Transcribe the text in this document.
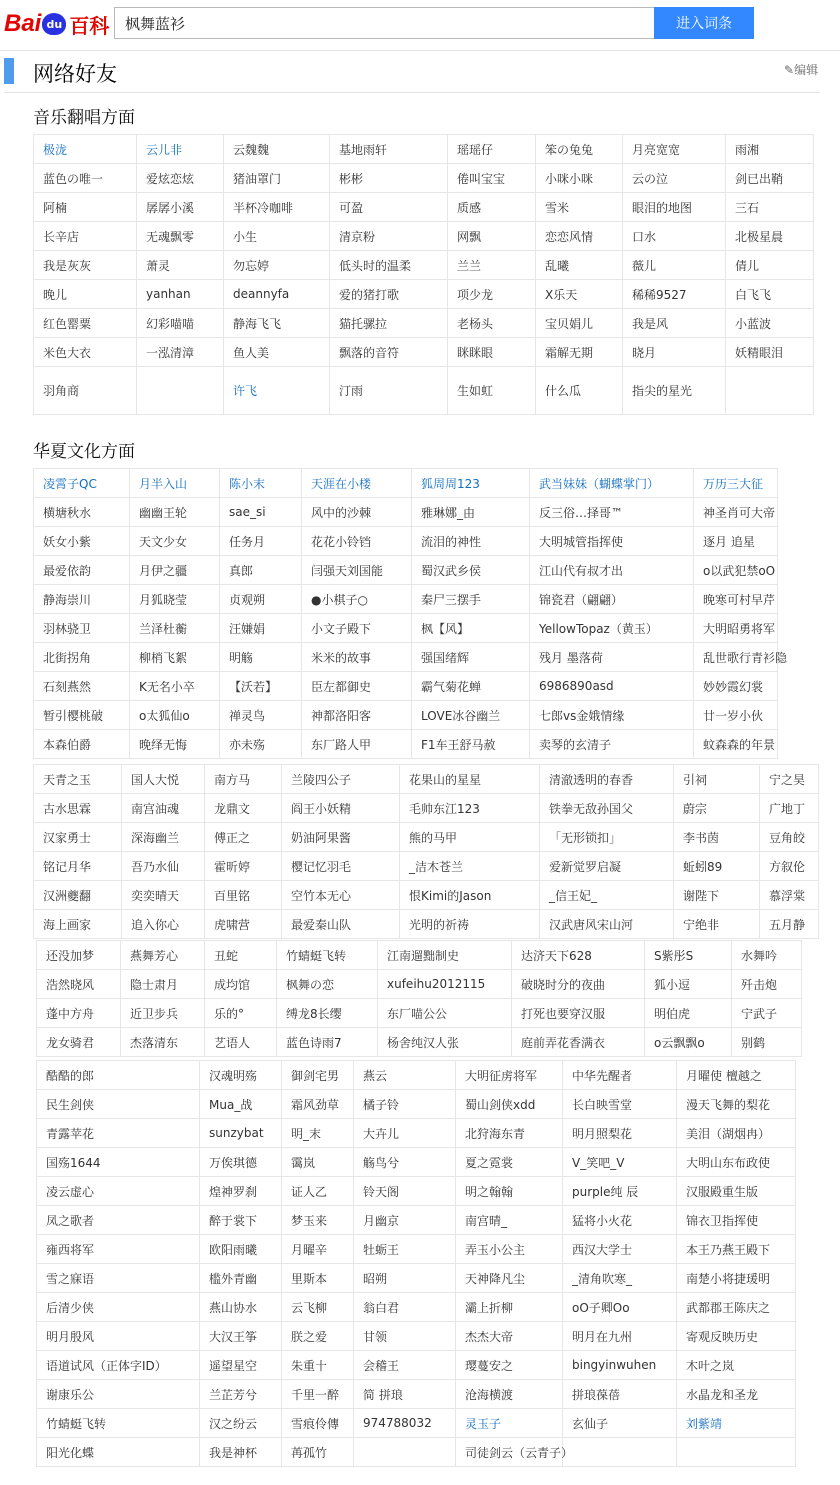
Bai du 百科
枫舞蓝衫	进入词条
网络好友	✎编辑
音乐翻唱方面
极泷	云儿非	云魏魏	基地雨轩	瑶瑶仔	笨の兔兔	月亮宽宽	雨湘
蓝色の唯一	爱炫恋炫	猪油罩门	彬彬	倦叫宝宝	小咪小咪	云の泣	剑已出鞘
阿楠	孱孱小溪	半杯冷咖啡	可盈	质感	雪米	眼泪的地图	三石
长辛店	无魂飘零	小生	清京粉	网飘	恋恋风情	口水	北极星晨
我是灰灰	萧灵	勿忘婷	低头时的温柔	兰兰	乱曦	薇儿	倩儿
晚儿	yanhan	deannyfa	爱的猪打歌	项少龙	X乐天	稀稀9527	白飞飞
红色罂粟	幻彩喵喵	静海飞飞	猫托骡拉	老杨头	宝贝娟儿	我是风	小蓝波
米色大衣	一泓清漳	鱼人美	飘落的音符	眯眯眼	霜解无期	晓月	妖精眼泪
羽角商		许飞	汀雨	生如虹	什么瓜	指尖的星光	
华夏文化方面
凌霄子QC	月半入山	陈小末	天涯在小楼	狐周周123	武当妹妹（蝴蝶掌门）	万历三大征
横塘秋水	幽幽王轮	sae_si	风中的沙棘	雅琳娜_由	反三俗…择哥™	神圣肖可大帝
妖女小紫	天文少女	任务月	花花小铃铛	流泪的神性	大明城管指挥使	逐月 追星
最爱依韵	月伊之疆	真郎	闫强天刘国能	蜀汉武乡侯	江山代有叔才出	o以武犯禁oO
静海崇川	月狐晓莹	贞观朔	●小棋子○	秦尸三摆手	锦瓷君（翩翩）	晚寒可村早芹
羽林骁卫	兰泽杜蘅	汪嫌娟	小文子殿下	枫【风】	YellowTopaz（黄玉）	大明昭勇将军
北街拐角	柳梢飞絮	明觞	米米的故事	强国绪辉	残月 墨落荷	乱世歌行青衫隐
石刻燕然	K无名小卒	【沃若】	臣左都御史	霸气菊花蝉	6986890asd	妙妙霞幻裳
暂引樱桃破	o太狐仙o	禅灵鸟	神都洛阳客	LOVE冰谷幽兰	七郎vs金娥情缘	廿一岁小伙
本森伯爵	晚绎无悔	亦未殇	东厂路人甲	F1车王舒马赦	卖琴的玄清子	蚊森森的年景
天青之玉	国人大悦	南方马	兰陵四公子	花果山的星星	清澈透明的春香	引祠	宁之昊
古水思霖	南宫油魂	龙鼎文	阎王小妖精	毛帅东江123	铁拳无敌孙国父	蔚宗	广地丁
汉家勇士	深海幽兰	傅正之	奶油阿果酱	熊的马甲	「无形锁扣」	李书茵	豆角皎
铭记月华	吾乃水仙	霍昕婷	樱记忆羽毛	_洁木苍兰	爱新觉罗启凝	蚯蚓89	方叙伦
汉洲夔翻	奕奕晴天	百里铭	空竹本无心	恨Kimi的Jason	_信王妃_	谢陛下	慕浮棠
海上画家	追入你心	虎啸营	最爱秦山队	光明的祈祷	汉武唐风宋山河	宁绝非	五月静
还没加梦	燕舞芳心	丑蛇	竹蜻蜓飞转	江南遛黜制史	达济天下628	S紫彤S	水舞吟
浩然晓风	隐士肃月	成均馆	枫舞の恋	xufeihu2012115	破晓时分的夜曲	狐小逗	歼击炮
蓬中方舟	近卫步兵	乐的°	缚龙8长缨	东厂喵公公	打死也要穿汉服	明伯虎	宁武子
龙女骑君	杰落清东	艺语人	蓝色诗雨7	杨舍纯汉人张	庭前弄花香满衣	o云飘飘o	别鹤
酷酷的郎	汉魂明殇	御剑宅男	燕云	大明征虏将军	中华先醒者	月曜使 檀越之
民生剑侠	Mua_战	霜风劲草	橘子铃	蜀山剑侠xdd	长白映雪堂	漫天飞舞的梨花
青露苹花	sunzybat	明_末	大卉儿	北狩海东青	明月照梨花	美泪（湖烟冉）
国殇1644	万俟琪德	霭岚	觞鸟兮	夏之霓裳	V_笑吧_V	大明山东布政使
凌云虚心	煌神罗刹	证人乙	铃天阁	明之翰翰	purple纯 辰	汉服殿重生版
凤之歌者	醉于裳下	梦玉来	月幽京	南宫晴_	猛将小火花	锦衣卫指挥使
雍西将军	欧阳雨曦	月曜辛	牡蛎王	弄玉小公主	西汉大学士	本王乃燕王殿下
雪之寐语	槛外青幽	里斯本	昭朔	天神降凡尘	_清角吹寒_	南楚小将捷瑗明
后清少侠	燕山协水	云飞柳	翁白君	灞上折柳	oO子卿Oo	武都郡王陈庆之
明月殷风	大汉王筝	朕之爱	甘领	杰杰大帝	明月在九州	寄观反映历史
语道试风（正体字ID）	遥望星空	朱重十	会稽王	璎蔓安之	bingyinwuhen	木叶之岚
谢康乐公	兰芷芳兮	千里一醉	简 拼琅	沧海横渡	拼琅葆蓓	水晶龙和圣龙
竹蜻蜓飞转	汉之纷云	雪痕伶傳	974788032	灵玉子	玄仙子	刘紫靖
阳光化蝶	我是神杯	苒孤竹		司徒剑云（云青子）		
